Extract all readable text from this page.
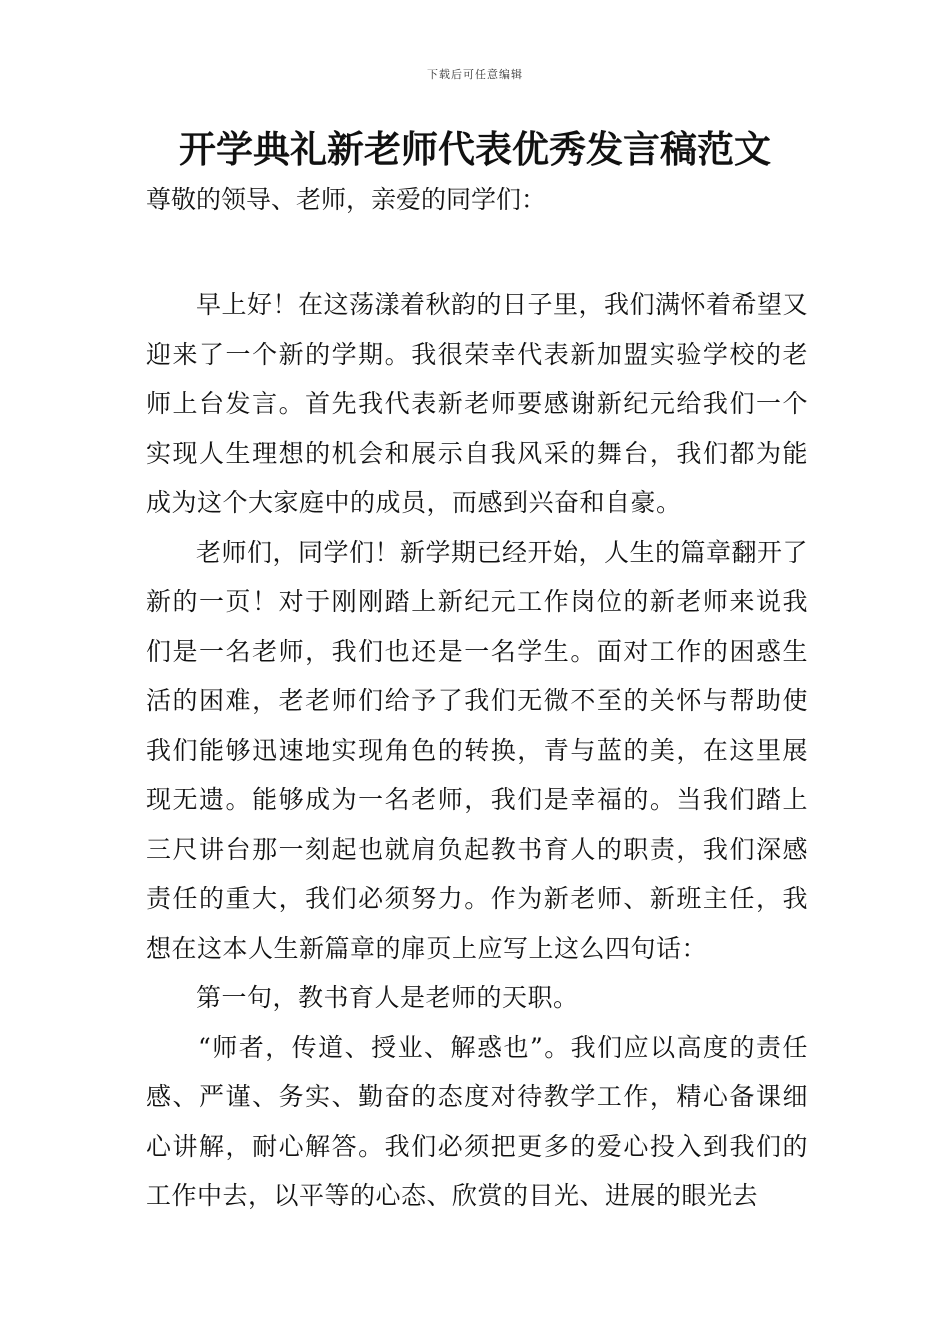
下载后可任意编辑
开学典礼新老师代表优秀发言稿范文

尊敬的领导、老师，亲爱的同学们：

早上好！在这荡漾着秋韵的日子里，我们满怀着希望又迎来了一个新的学期。我很荣幸代表新加盟实验学校的老师上台发言。首先我代表新老师要感谢新纪元给我们一个实现人生理想的机会和展示自我风采的舞台，我们都为能成为这个大家庭中的成员，而感到兴奋和自豪。

老师们，同学们！新学期已经开始，人生的篇章翻开了新的一页！对于刚刚踏上新纪元工作岗位的新老师来说我们是一名老师，我们也还是一名学生。面对工作的困惑生活的困难，老老师们给予了我们无微不至的关怀与帮助使我们能够迅速地实现角色的转换，青与蓝的美，在这里展现无遗。能够成为一名老师，我们是幸福的。当我们踏上三尺讲台那一刻起也就肩负起教书育人的职责，我们深感责任的重大，我们必须努力。作为新老师、新班主任，我想在这本人生新篇章的扉页上应写上这么四句话：

第一句，教书育人是老师的天职。

“师者，传道、授业、解惑也”。我们应以高度的责任感、严谨、务实、勤奋的态度对待教学工作，精心备课细心讲解，耐心解答。我们必须把更多的爱心投入到我们的工作中去，以平等的心态、欣赏的目光、进展的眼光去
